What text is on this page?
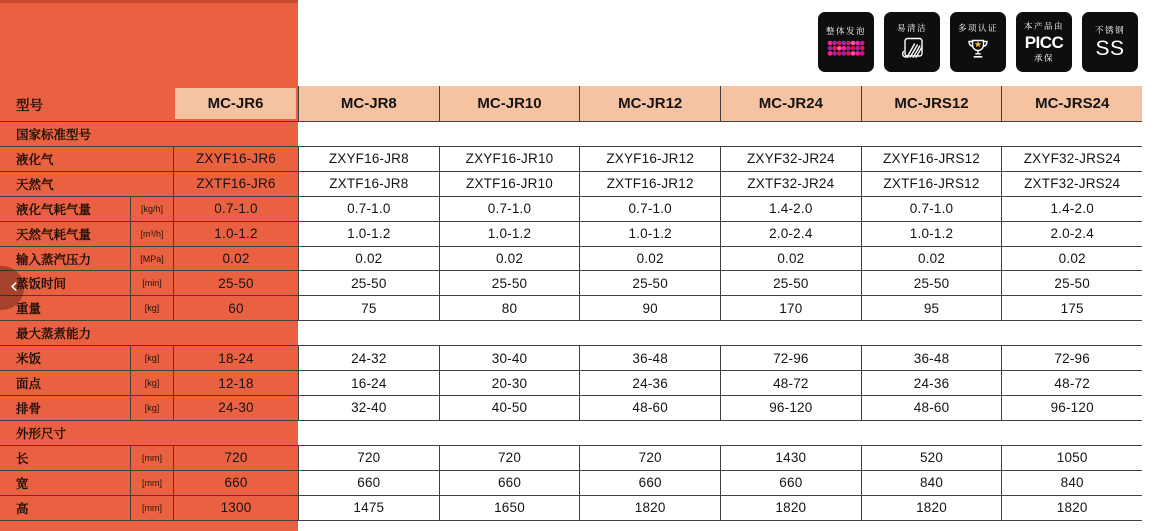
整体发泡	易清洁	多项认证	本产品由
PICC
承保
不锈钢
SS
型号	MC-JR6	MC-JR8	MC-JR10	MC-JR12	MC-JR24	MC-JRS12	MC-JRS24
国家标准型号
液化气	ZXYF16-JR6	ZXYF16-JR8	ZXYF16-JR10	ZXYF16-JR12	ZXYF32-JR24	ZXYF16-JRS12	ZXYF32-JRS24
天然气	ZXTF16-JR6	ZXTF16-JR8	ZXTF16-JR10	ZXTF16-JR12	ZXTF32-JR24	ZXTF16-JRS12	ZXTF32-JRS24
液化气耗气量	[kg/h]	0.7-1.0	0.7-1.0	0.7-1.0	0.7-1.0	1.4-2.0	0.7-1.0	1.4-2.0
天然气耗气量	[m³/h]	1.0-1.2	1.0-1.2	1.0-1.2	1.0-1.2	2.0-2.4	1.0-1.2	2.0-2.4
输入蒸汽压力	[MPa]	0.02	0.02	0.02	0.02	0.02	0.02	0.02
蒸饭时间	[min]	25-50	25-50	25-50	25-50	25-50	25-50	25-50
重量	[kg]	60	75	80	90	170	95	175
最大蒸煮能力
米饭	[kg]	18-24	24-32	30-40	36-48	72-96	36-48	72-96
面点	[kg]	12-18	16-24	20-30	24-36	48-72	24-36	48-72
排骨	[kg]	24-30	32-40	40-50	48-60	96-120	48-60	96-120
外形尺寸
长	[mm]	720	720	720	720	1430	520	1050
宽	[mm]	660	660	660	660	660	840	840
高	[mm]	1300	1475	1650	1820	1820	1820	1820
‹
